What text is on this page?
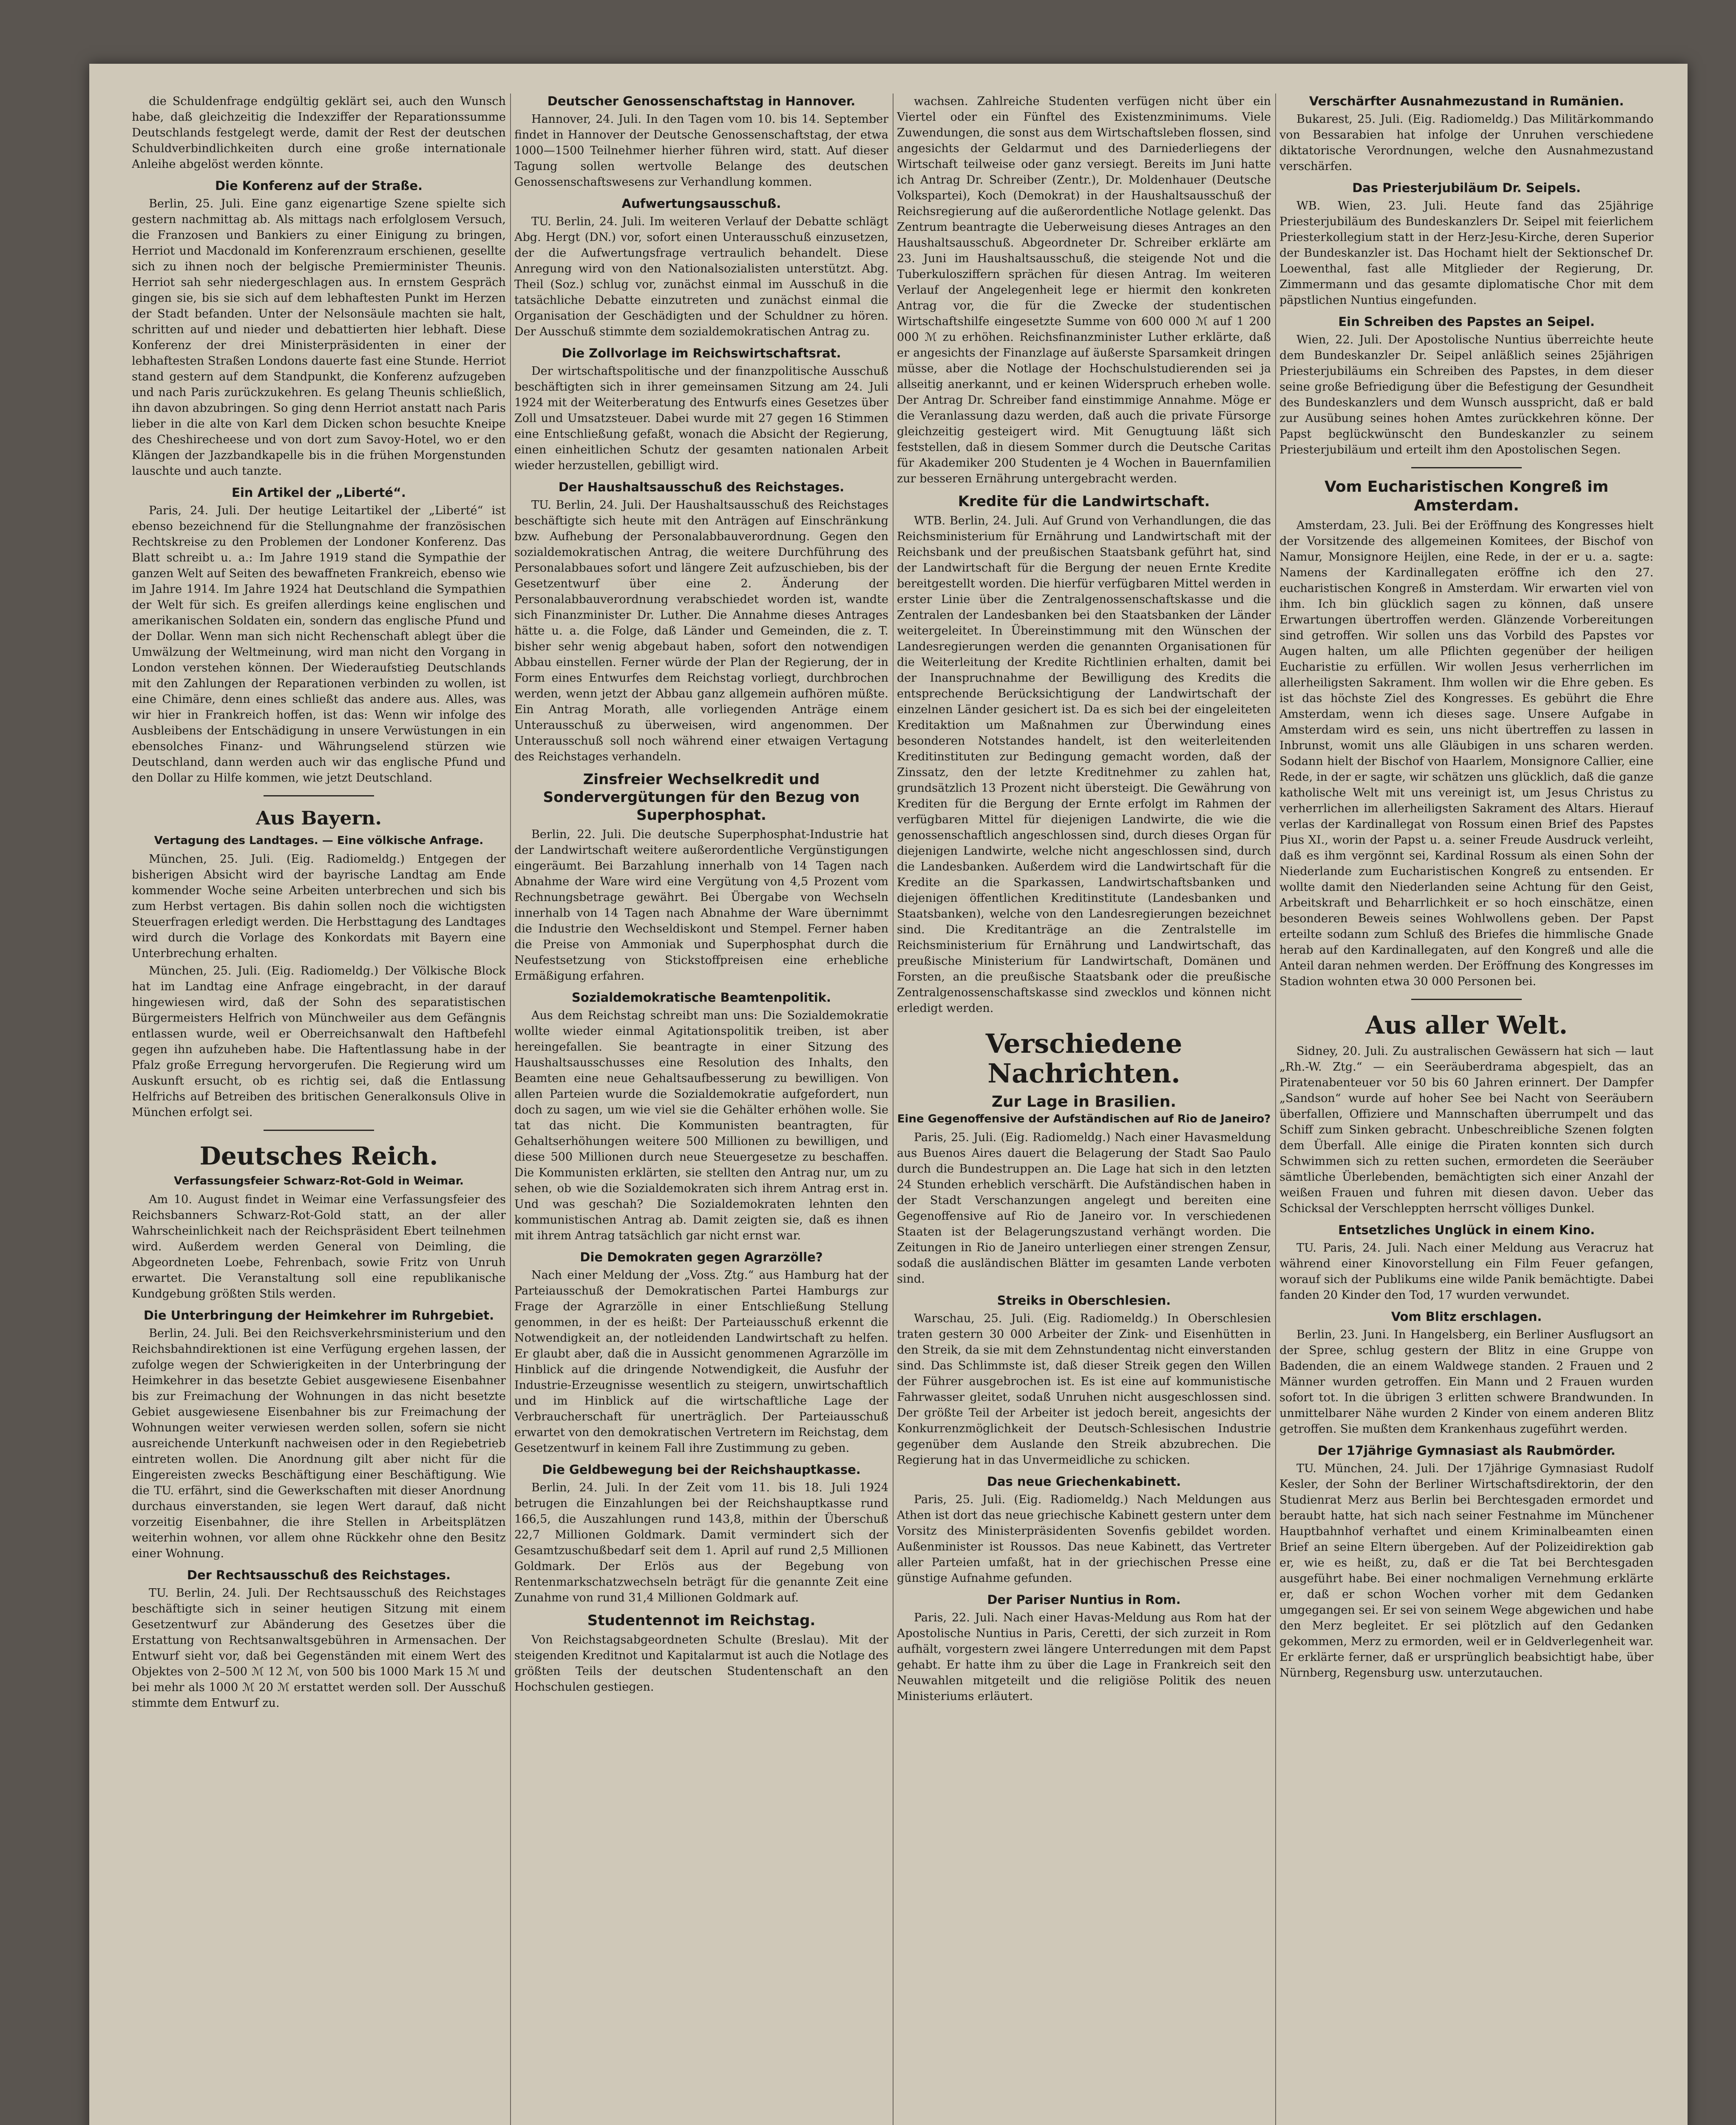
die Schuldenfrage endgültig geklärt sei, auch den Wunsch habe, daß gleichzeitig die Indexziffer der Reparationssumme Deutschlands festgelegt werde, damit der Rest der deutschen Schuldverbindlichkeiten durch eine große internationale Anleihe abgelöst werden könnte.

Die Konferenz auf der Straße.

Berlin, 25. Juli. Eine ganz eigenartige Szene spielte sich gestern nachmittag ab. Als mittags nach erfolglosem Versuch, die Franzosen und Bankiers zu einer Einigung zu bringen, Herriot und Macdonald im Konferenzraum erschienen, gesellte sich zu ihnen noch der belgische Premierminister Theunis. Herriot sah sehr niedergeschlagen aus. In ernstem Gespräch gingen sie, bis sie sich auf dem lebhaftesten Punkt im Herzen der Stadt befanden. Unter der Nelsonsäule machten sie halt, schritten auf und nieder und debattierten hier lebhaft. Diese Konferenz der drei Ministerpräsidenten in einer der lebhaftesten Straßen Londons dauerte fast eine Stunde. Herriot stand gestern auf dem Standpunkt, die Konferenz aufzugeben und nach Paris zurückzukehren. Es gelang Theunis schließlich, ihn davon abzubringen. So ging denn Herriot anstatt nach Paris lieber in die alte von Karl dem Dicken schon besuchte Kneipe des Cheshirecheese und von dort zum Savoy-Hotel, wo er den Klängen der Jazzbandkapelle bis in die frühen Morgenstunden lauschte und auch tanzte.

Ein Artikel der „Liberté“.

Paris, 24. Juli. Der heutige Leitartikel der „Liberté“ ist ebenso bezeichnend für die Stellungnahme der französischen Rechtskreise zu den Problemen der Londoner Konferenz. Das Blatt schreibt u. a.: Im Jahre 1919 stand die Sympathie der ganzen Welt auf Seiten des bewaffneten Frankreich, ebenso wie im Jahre 1914. Im Jahre 1924 hat Deutschland die Sympathien der Welt für sich. Es greifen allerdings keine englischen und amerikanischen Soldaten ein, sondern das englische Pfund und der Dollar. Wenn man sich nicht Rechenschaft ablegt über die Umwälzung der Weltmeinung, wird man nicht den Vorgang in London verstehen können. Der Wiederaufstieg Deutschlands mit den Zahlungen der Reparationen verbinden zu wollen, ist eine Chimäre, denn eines schließt das andere aus. Alles, was wir hier in Frankreich hoffen, ist das: Wenn wir infolge des Ausbleibens der Entschädigung in unsere Verwüstungen in ein ebensolches Finanz- und Währungselend stürzen wie Deutschland, dann werden auch wir das englische Pfund und den Dollar zu Hilfe kommen, wie jetzt Deutschland.

Aus Bayern.
Vertagung des Landtages. — Eine völkische Anfrage.

München, 25. Juli. (Eig. Radiomeldg.) Entgegen der bisherigen Absicht wird der bayrische Landtag am Ende kommender Woche seine Arbeiten unterbrechen und sich bis zum Herbst vertagen. Bis dahin sollen noch die wichtigsten Steuerfragen erledigt werden. Die Herbsttagung des Landtages wird durch die Vorlage des Konkordats mit Bayern eine Unterbrechung erhalten.

München, 25. Juli. (Eig. Radiomeldg.) Der Völkische Block hat im Landtag eine Anfrage eingebracht, in der darauf hingewiesen wird, daß der Sohn des separatistischen Bürgermeisters Helfrich von Münchweiler aus dem Gefängnis entlassen wurde, weil er Oberreichsanwalt den Haftbefehl gegen ihn aufzuheben habe. Die Haftentlassung habe in der Pfalz große Erregung hervorgerufen. Die Regierung wird um Auskunft ersucht, ob es richtig sei, daß die Entlassung Helfrichs auf Betreiben des britischen Generalkonsuls Olive in München erfolgt sei.

Deutsches Reich.
Verfassungsfeier Schwarz-Rot-Gold in Weimar.

Am 10. August findet in Weimar eine Verfassungsfeier des Reichsbanners Schwarz-Rot-Gold statt, an der aller Wahrscheinlichkeit nach der Reichspräsident Ebert teilnehmen wird. Außerdem werden General von Deimling, die Abgeordneten Loebe, Fehrenbach, sowie Fritz von Unruh erwartet. Die Veranstaltung soll eine republikanische Kundgebung größten Stils werden.

Die Unterbringung der Heimkehrer im Ruhrgebiet.

Berlin, 24. Juli. Bei den Reichsverkehrsministerium und den Reichsbahndirektionen ist eine Verfügung ergehen lassen, der zufolge wegen der Schwierigkeiten in der Unterbringung der Heimkehrer in das besetzte Gebiet ausgewiesene Eisenbahner bis zur Freimachung der Wohnungen in das nicht besetzte Gebiet ausgewiesene Eisenbahner bis zur Freimachung der Wohnungen weiter verwiesen werden sollen, sofern sie nicht ausreichende Unterkunft nachweisen oder in den Regiebetrieb eintreten wollen. Die Anordnung gilt aber nicht für die Eingereisten zwecks Beschäftigung einer Beschäftigung. Wie die TU. erfährt, sind die Gewerkschaften mit dieser Anordnung durchaus einverstanden, sie legen Wert darauf, daß nicht vorzeitig Eisenbahner, die ihre Stellen in Arbeitsplätzen weiterhin wohnen, vor allem ohne Rückkehr ohne den Besitz einer Wohnung.

Der Rechtsausschuß des Reichstages.

TU. Berlin, 24. Juli. Der Rechtsausschuß des Reichstages beschäftigte sich in seiner heutigen Sitzung mit einem Gesetzentwurf zur Abänderung des Gesetzes über die Erstattung von Rechtsanwaltsgebühren in Armensachen. Der Entwurf sieht vor, daß bei Gegenständen mit einem Wert des Objektes von 2–500 ℳ 12 ℳ, von 500 bis 1000 Mark 15 ℳ und bei mehr als 1000 ℳ 20 ℳ erstattet werden soll. Der Ausschuß stimmte dem Entwurf zu.

Deutscher Genossenschaftstag in Hannover.

Hannover, 24. Juli. In den Tagen vom 10. bis 14. September findet in Hannover der Deutsche Genossenschaftstag, der etwa 1000—1500 Teilnehmer hierher führen wird, statt. Auf dieser Tagung sollen wertvolle Belange des deutschen Genossenschaftswesens zur Verhandlung kommen.

Aufwertungsausschuß.

TU. Berlin, 24. Juli. Im weiteren Verlauf der Debatte schlägt Abg. Hergt (DN.) vor, sofort einen Unterausschuß einzusetzen, der die Aufwertungsfrage vertraulich behandelt. Diese Anregung wird von den Nationalsozialisten unterstützt. Abg. Theil (Soz.) schlug vor, zunächst einmal im Ausschuß in die tatsächliche Debatte einzutreten und zunächst einmal die Organisation der Geschädigten und der Schuldner zu hören. Der Ausschuß stimmte dem sozialdemokratischen Antrag zu.

Die Zollvorlage im Reichswirtschaftsrat.

Der wirtschaftspolitische und der finanzpolitische Ausschuß beschäftigten sich in ihrer gemeinsamen Sitzung am 24. Juli 1924 mit der Weiterberatung des Entwurfs eines Gesetzes über Zoll und Umsatzsteuer. Dabei wurde mit 27 gegen 16 Stimmen eine Entschließung gefaßt, wonach die Absicht der Regierung, einen einheitlichen Schutz der gesamten nationalen Arbeit wieder herzustellen, gebilligt wird.

Der Haushaltsausschuß des Reichstages.

TU. Berlin, 24. Juli. Der Haushaltsausschuß des Reichstages beschäftigte sich heute mit den Anträgen auf Einschränkung bzw. Aufhebung der Personalabbauverordnung. Gegen den sozialdemokratischen Antrag, die weitere Durchführung des Personalabbaues sofort und längere Zeit aufzuschieben, bis der Gesetzentwurf über eine 2. Änderung der Personalabbauverordnung verabschiedet worden ist, wandte sich Finanzminister Dr. Luther. Die Annahme dieses Antrages hätte u. a. die Folge, daß Länder und Gemeinden, die z. T. bisher sehr wenig abgebaut haben, sofort den notwendigen Abbau einstellen. Ferner würde der Plan der Regierung, der in Form eines Entwurfes dem Reichstag vorliegt, durchbrochen werden, wenn jetzt der Abbau ganz allgemein aufhören müßte. Ein Antrag Morath, alle vorliegenden Anträge einem Unterausschuß zu überweisen, wird angenommen. Der Unterausschuß soll noch während einer etwaigen Vertagung des Reichstages verhandeln.

Zinsfreier Wechselkredit und Sondervergütungen für den Bezug von Superphosphat.

Berlin, 22. Juli. Die deutsche Superphosphat-Industrie hat der Landwirtschaft weitere außerordentliche Vergünstigungen eingeräumt. Bei Barzahlung innerhalb von 14 Tagen nach Abnahme der Ware wird eine Vergütung von 4,5 Prozent vom Rechnungsbetrage gewährt. Bei Übergabe von Wechseln innerhalb von 14 Tagen nach Abnahme der Ware übernimmt die Industrie den Wechseldiskont und Stempel. Ferner haben die Preise von Ammoniak und Superphosphat durch die Neufestsetzung von Stickstoffpreisen eine erhebliche Ermäßigung erfahren.

Sozialdemokratische Beamtenpolitik.

Aus dem Reichstag schreibt man uns: Die Sozialdemokratie wollte wieder einmal Agitationspolitik treiben, ist aber hereingefallen. Sie beantragte in einer Sitzung des Haushaltsausschusses eine Resolution des Inhalts, den Beamten eine neue Gehaltsaufbesserung zu bewilligen. Von allen Parteien wurde die Sozialdemokratie aufgefordert, nun doch zu sagen, um wie viel sie die Gehälter erhöhen wolle. Sie tat das nicht. Die Kommunisten beantragten, für Gehaltserhöhungen weitere 500 Millionen zu bewilligen, und diese 500 Millionen durch neue Steuergesetze zu beschaffen. Die Kommunisten erklärten, sie stellten den Antrag nur, um zu sehen, ob wie die Sozialdemokraten sich ihrem Antrag erst in. Und was geschah? Die Sozialdemokraten lehnten den kommunistischen Antrag ab. Damit zeigten sie, daß es ihnen mit ihrem Antrag tatsächlich gar nicht ernst war.

Die Demokraten gegen Agrarzölle?

Nach einer Meldung der „Voss. Ztg.“ aus Hamburg hat der Parteiausschuß der Demokratischen Partei Hamburgs zur Frage der Agrarzölle in einer Entschließung Stellung genommen, in der es heißt: Der Parteiausschuß erkennt die Notwendigkeit an, der notleidenden Landwirtschaft zu helfen. Er glaubt aber, daß die in Aussicht genommenen Agrarzölle im Hinblick auf die dringende Notwendigkeit, die Ausfuhr der Industrie-Erzeugnisse wesentlich zu steigern, unwirtschaftlich und im Hinblick auf die wirtschaftliche Lage der Verbraucherschaft für unerträglich. Der Parteiausschuß erwartet von den demokratischen Vertretern im Reichstag, dem Gesetzentwurf in keinem Fall ihre Zustimmung zu geben.

Die Geldbewegung bei der Reichshauptkasse.

Berlin, 24. Juli. In der Zeit vom 11. bis 18. Juli 1924 betrugen die Einzahlungen bei der Reichshauptkasse rund 166,5, die Auszahlungen rund 143,8, mithin der Überschuß 22,7 Millionen Goldmark. Damit vermindert sich der Gesamtzuschußbedarf seit dem 1. April auf rund 2,5 Millionen Goldmark. Der Erlös aus der Begebung von Rentenmarkschatzwechseln beträgt für die genannte Zeit eine Zunahme von rund 31,4 Millionen Goldmark auf.

Studentennot im Reichstag.

Von Reichstagsabgeordneten Schulte (Breslau). Mit der steigenden Kreditnot und Kapitalarmut ist auch die Notlage des größten Teils der deutschen Studentenschaft an den Hochschulen gestiegen.

wachsen. Zahlreiche Studenten verfügen nicht über ein Viertel oder ein Fünftel des Existenzminimums. Viele Zuwendungen, die sonst aus dem Wirtschaftsleben flossen, sind angesichts der Geldarmut und des Darniederliegens der Wirtschaft teilweise oder ganz versiegt. Bereits im Juni hatte ich Antrag Dr. Schreiber (Zentr.), Dr. Moldenhauer (Deutsche Volkspartei), Koch (Demokrat) in der Haushaltsausschuß der Reichsregierung auf die außerordentliche Notlage gelenkt. Das Zentrum beantragte die Ueberweisung dieses Antrages an den Haushaltsausschuß. Abgeordneter Dr. Schreiber erklärte am 23. Juni im Haushaltsausschuß, die steigende Not und die Tuberkulosziffern sprächen für diesen Antrag. Im weiteren Verlauf der Angelegenheit lege er hiermit den konkreten Antrag vor, die für die Zwecke der studentischen Wirtschaftshilfe eingesetzte Summe von 600 000 ℳ auf 1 200 000 ℳ zu erhöhen. Reichsfinanzminister Luther erklärte, daß er angesichts der Finanzlage auf äußerste Sparsamkeit dringen müsse, aber die Notlage der Hochschulstudierenden sei ja allseitig anerkannt, und er keinen Widerspruch erheben wolle. Der Antrag Dr. Schreiber fand einstimmige Annahme. Möge er die Veranlassung dazu werden, daß auch die private Fürsorge gleichzeitig gesteigert wird. Mit Genugtuung läßt sich feststellen, daß in diesem Sommer durch die Deutsche Caritas für Akademiker 200 Studenten je 4 Wochen in Bauernfamilien zur besseren Ernährung untergebracht werden.

Kredite für die Landwirtschaft.

WTB. Berlin, 24. Juli. Auf Grund von Verhandlungen, die das Reichsministerium für Ernährung und Landwirtschaft mit der Reichsbank und der preußischen Staatsbank geführt hat, sind der Landwirtschaft für die Bergung der neuen Ernte Kredite bereitgestellt worden. Die hierfür verfügbaren Mittel werden in erster Linie über die Zentralgenossenschaftskasse und die Zentralen der Landesbanken bei den Staatsbanken der Länder weitergeleitet. In Übereinstimmung mit den Wünschen der Landesregierungen werden die genannten Organisationen für die Weiterleitung der Kredite Richtlinien erhalten, damit bei der Inanspruchnahme der Bewilligung des Kredits die entsprechende Berücksichtigung der Landwirtschaft der einzelnen Länder gesichert ist. Da es sich bei der eingeleiteten Kreditaktion um Maßnahmen zur Überwindung eines besonderen Notstandes handelt, ist den weiterleitenden Kreditinstituten zur Bedingung gemacht worden, daß der Zinssatz, den der letzte Kreditnehmer zu zahlen hat, grundsätzlich 13 Prozent nicht übersteigt. Die Gewährung von Krediten für die Bergung der Ernte erfolgt im Rahmen der verfügbaren Mittel für diejenigen Landwirte, die wie die genossenschaftlich angeschlossen sind, durch dieses Organ für diejenigen Landwirte, welche nicht angeschlossen sind, durch die Landesbanken. Außerdem wird die Landwirtschaft für die Kredite an die Sparkassen, Landwirtschaftsbanken und diejenigen öffentlichen Kreditinstitute (Landesbanken und Staatsbanken), welche von den Landesregierungen bezeichnet sind. Die Kreditanträge an die Zentralstelle im Reichsministerium für Ernährung und Landwirtschaft, das preußische Ministerium für Landwirtschaft, Domänen und Forsten, an die preußische Staatsbank oder die preußische Zentralgenossenschaftskasse sind zwecklos und können nicht erledigt werden.

Verschiedene Nachrichten.
Zur Lage in Brasilien.
Eine Gegenoffensive der Aufständischen auf Rio de Janeiro?

Paris, 25. Juli. (Eig. Radiomeldg.) Nach einer Havasmeldung aus Buenos Aires dauert die Belagerung der Stadt Sao Paulo durch die Bundestruppen an. Die Lage hat sich in den letzten 24 Stunden erheblich verschärft. Die Aufständischen haben in der Stadt Verschanzungen angelegt und bereiten eine Gegenoffensive auf Rio de Janeiro vor. In verschiedenen Staaten ist der Belagerungszustand verhängt worden. Die Zeitungen in Rio de Janeiro unterliegen einer strengen Zensur, sodaß die ausländischen Blätter im gesamten Lande verboten sind.

Streiks in Oberschlesien.

Warschau, 25. Juli. (Eig. Radiomeldg.) In Oberschlesien traten gestern 30 000 Arbeiter der Zink- und Eisenhütten in den Streik, da sie mit dem Zehnstundentag nicht einverstanden sind. Das Schlimmste ist, daß dieser Streik gegen den Willen der Führer ausgebrochen ist. Es ist eine auf kommunistische Fahrwasser gleitet, sodaß Unruhen nicht ausgeschlossen sind. Der größte Teil der Arbeiter ist jedoch bereit, angesichts der Konkurrenzmöglichkeit der Deutsch-Schlesischen Industrie gegenüber dem Auslande den Streik abzubrechen. Die Regierung hat in das Unvermeidliche zu schicken.

Das neue Griechenkabinett.

Paris, 25. Juli. (Eig. Radiomeldg.) Nach Meldungen aus Athen ist dort das neue griechische Kabinett gestern unter dem Vorsitz des Ministerpräsidenten Sovenfis gebildet worden. Außenminister ist Roussos. Das neue Kabinett, das Vertreter aller Parteien umfaßt, hat in der griechischen Presse eine günstige Aufnahme gefunden.

Der Pariser Nuntius in Rom.

Paris, 22. Juli. Nach einer Havas-Meldung aus Rom hat der Apostolische Nuntius in Paris, Ceretti, der sich zurzeit in Rom aufhält, vorgestern zwei längere Unterredungen mit dem Papst gehabt. Er hatte ihm zu über die Lage in Frankreich seit den Neuwahlen mitgeteilt und die religiöse Politik des neuen Ministeriums erläutert.

Verschärfter Ausnahmezustand in Rumänien.

Bukarest, 25. Juli. (Eig. Radiomeldg.) Das Militärkommando von Bessarabien hat infolge der Unruhen verschiedene diktatorische Verordnungen, welche den Ausnahmezustand verschärfen.

Das Priesterjubiläum Dr. Seipels.

WB. Wien, 23. Juli. Heute fand das 25jährige Priesterjubiläum des Bundeskanzlers Dr. Seipel mit feierlichem Priesterkollegium statt in der Herz-Jesu-Kirche, deren Superior der Bundeskanzler ist. Das Hochamt hielt der Sektionschef Dr. Loewenthal, fast alle Mitglieder der Regierung, Dr. Zimmermann und das gesamte diplomatische Chor mit dem päpstlichen Nuntius eingefunden.

Ein Schreiben des Papstes an Seipel.

Wien, 22. Juli. Der Apostolische Nuntius überreichte heute dem Bundeskanzler Dr. Seipel anläßlich seines 25jährigen Priesterjubiläums ein Schreiben des Papstes, in dem dieser seine große Befriedigung über die Befestigung der Gesundheit des Bundeskanzlers und dem Wunsch ausspricht, daß er bald zur Ausübung seines hohen Amtes zurückkehren könne. Der Papst beglückwünscht den Bundeskanzler zu seinem Priesterjubiläum und erteilt ihm den Apostolischen Segen.

Vom Eucharistischen Kongreß im Amsterdam.

Amsterdam, 23. Juli. Bei der Eröffnung des Kongresses hielt der Vorsitzende des allgemeinen Komitees, der Bischof von Namur, Monsignore Heijlen, eine Rede, in der er u. a. sagte: Namens der Kardinallegaten eröffne ich den 27. eucharistischen Kongreß in Amsterdam. Wir erwarten viel von ihm. Ich bin glücklich sagen zu können, daß unsere Erwartungen übertroffen werden. Glänzende Vorbereitungen sind getroffen. Wir sollen uns das Vorbild des Papstes vor Augen halten, um alle Pflichten gegenüber der heiligen Eucharistie zu erfüllen. Wir wollen Jesus verherrlichen im allerheiligsten Sakrament. Ihm wollen wir die Ehre geben. Es ist das höchste Ziel des Kongresses. Es gebührt die Ehre Amsterdam, wenn ich dieses sage. Unsere Aufgabe in Amsterdam wird es sein, uns nicht übertreffen zu lassen in Inbrunst, womit uns alle Gläubigen in uns scharen werden. Sodann hielt der Bischof von Haarlem, Monsignore Callier, eine Rede, in der er sagte, wir schätzen uns glücklich, daß die ganze katholische Welt mit uns vereinigt ist, um Jesus Christus zu verherrlichen im allerheiligsten Sakrament des Altars. Hierauf verlas der Kardinallegat von Rossum einen Brief des Papstes Pius XI., worin der Papst u. a. seiner Freude Ausdruck verleiht, daß es ihm vergönnt sei, Kardinal Rossum als einen Sohn der Niederlande zum Eucharistischen Kongreß zu entsenden. Er wollte damit den Niederlanden seine Achtung für den Geist, Arbeitskraft und Beharrlichkeit er so hoch einschätze, einen besonderen Beweis seines Wohlwollens geben. Der Papst erteilte sodann zum Schluß des Briefes die himmlische Gnade herab auf den Kardinallegaten, auf den Kongreß und alle die Anteil daran nehmen werden. Der Eröffnung des Kongresses im Stadion wohnten etwa 30 000 Personen bei.

Aus aller Welt.

Sidney, 20. Juli. Zu australischen Gewässern hat sich — laut „Rh.-W. Ztg.“ — ein Seeräuberdrama abgespielt, das an Piratenabenteuer vor 50 bis 60 Jahren erinnert. Der Dampfer „Sandson“ wurde auf hoher See bei Nacht von Seeräubern überfallen, Offiziere und Mannschaften überrumpelt und das Schiff zum Sinken gebracht. Unbeschreibliche Szenen folgten dem Überfall. Alle einige die Piraten konnten sich durch Schwimmen sich zu retten suchen, ermordeten die Seeräuber sämtliche Überlebenden, bemächtigten sich einer Anzahl der weißen Frauen und fuhren mit diesen davon. Ueber das Schicksal der Verschleppten herrscht völliges Dunkel.

Entsetzliches Unglück in einem Kino.

TU. Paris, 24. Juli. Nach einer Meldung aus Veracruz hat während einer Kinovorstellung ein Film Feuer gefangen, worauf sich der Publikums eine wilde Panik bemächtigte. Dabei fanden 20 Kinder den Tod, 17 wurden verwundet.

Vom Blitz erschlagen.

Berlin, 23. Juni. In Hangelsberg, ein Berliner Ausflugsort an der Spree, schlug gestern der Blitz in eine Gruppe von Badenden, die an einem Waldwege standen. 2 Frauen und 2 Männer wurden getroffen. Ein Mann und 2 Frauen wurden sofort tot. In die übrigen 3 erlitten schwere Brandwunden. In unmittelbarer Nähe wurden 2 Kinder von einem anderen Blitz getroffen. Sie mußten dem Krankenhaus zugeführt werden.

Der 17jährige Gymnasiast als Raubmörder.

TU. München, 24. Juli. Der 17jährige Gymnasiast Rudolf Kesler, der Sohn der Berliner Wirtschaftsdirektorin, der den Studienrat Merz aus Berlin bei Berchtesgaden ermordet und beraubt hatte, hat sich nach seiner Festnahme im Münchener Hauptbahnhof verhaftet und einem Kriminalbeamten einen Brief an seine Eltern übergeben. Auf der Polizeidirektion gab er, wie es heißt, zu, daß er die Tat bei Berchtesgaden ausgeführt habe. Bei einer nochmaligen Vernehmung erklärte er, daß er schon Wochen vorher mit dem Gedanken umgegangen sei. Er sei von seinem Wege abgewichen und habe den Merz begleitet. Er sei plötzlich auf den Gedanken gekommen, Merz zu ermorden, weil er in Geldverlegenheit war. Er erklärte ferner, daß er ursprünglich beabsichtigt habe, über Nürnberg, Regensburg usw. unterzutauchen.
